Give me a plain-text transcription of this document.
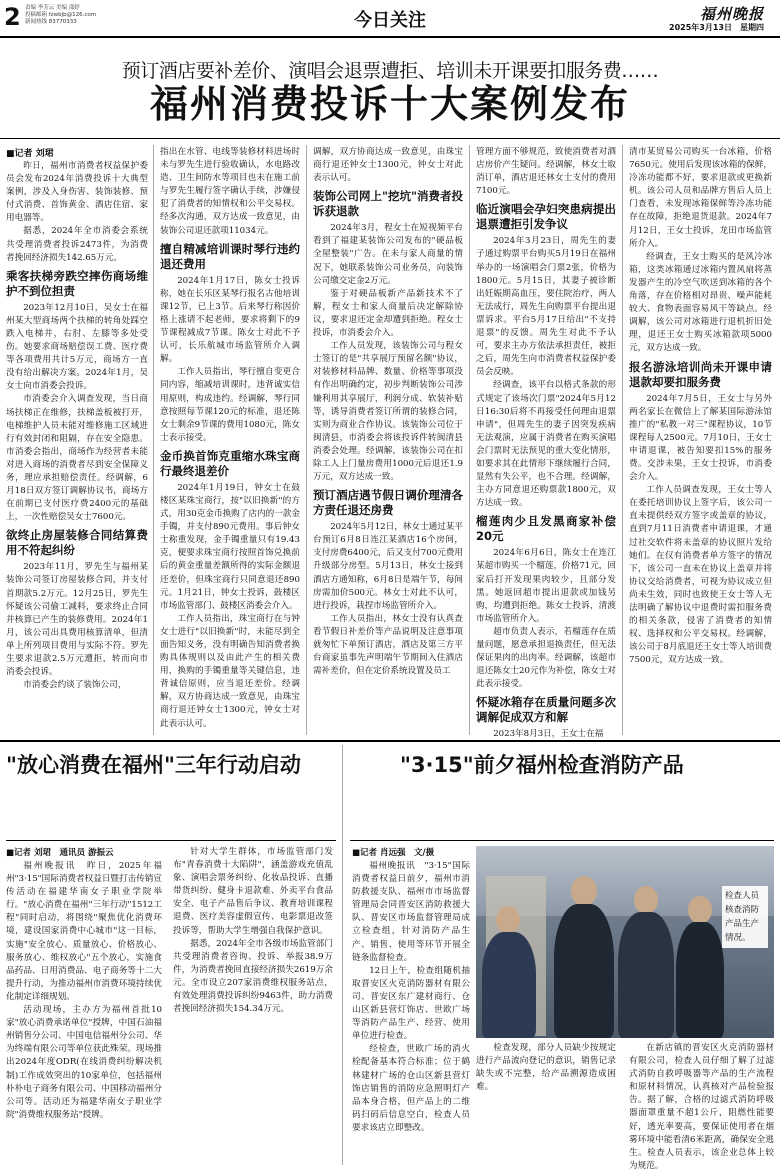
2 责编 李芳云 美编 邵婷
投稿邮箱 fzwbjb@126.com
新闻热线 83770333	今日关注	福州晚报
2025年3月13日　星期四
预订酒店要补差价、演唱会退票遭拒、培训未开课要扣服务费……
福州消费投诉十大案例发布
■记者 刘珺

昨日，福州市消费者权益保护委员会发布2024年消费投诉十大典型案例，涉及入身伤害、装饰装修、预付式消费、首饰黄金、酒店住宿、家用电器等。

据悉，2024年全市消委会系统共受理消费者投诉2473件，为消费者挽回经济损失142.65万元。

乘客扶梯旁跌空摔伤商场维护不到位担责

2023年12月10日，吴女士在福州某大型商场两个扶梯的转角处踩空跌入电梯井，右肘、左膝等多处受伤。她要求商场赔偿误工费、医疗费等各项费用共计5万元，商场方一直没有给出解决方案。2024年1月，吴女士向市消委会投诉。

市消委会介入调查发现，当日商场扶梯正在维修，扶梯盖板被打开，电梯维护人员未能对维修施工区域进行有效封闭和阻隔，存在安全隐患。市消委会指出，商场作为经营者未能对进入商场的消费者尽到安全保障义务，理应承担赔偿责任。经调解，6月18日双方签订调解协议书，商场方在前期已支付医疗费2400元的基础上，一次性赔偿吴女士7600元。

欲终止房屋装修合同结算费用不符起纠纷

2023年11月，罗先生与福州某装饰公司签订房屋装修合同，并支付首期款5.2万元。12月25日，罗先生怀疑该公司偷工减料，要求终止合同并核算已产生的装修费用。2024年1月，该公司出具费用核算清单，但清单上所列项目费用与实际不符。罗先生要求退款2.5万元遭拒，转而向市消委会投诉。

市消委会约谈了装饰公司，

指出在水管、电线等装修材料进场时未与罗先生进行验收确认，水电路改造、卫生间防水等项目也未在施工前与罗先生履行签字确认手续，涉嫌侵犯了消费者的知情权和公平交易权。经多次沟通，双方达成一致意见，由装饰公司退还款项11034元。

擅自精减培训课时琴行违约退还费用

2024年1月17日，陈女士投诉称，她在长乐区某琴行报名古他培训课12节，已上3节。后来琴行称因价格上涨请不起老师，要求将剩下的9节课程减成7节课。陈女士对此不予认可，长乐航城市场监管所介入调解。

工作人员指出，琴行擅自变更合同内容，缩减培训课时，违背诚实信用原则，构成违约。经调解，琴行同意按照每节课120元的标准，退还陈女士剩余9节课的费用1080元，陈女士表示接受。

金币换首饰克重缩水珠宝商行最终退差价

2024年1月19日，钟女士在鼓楼区某珠宝商行，按"以旧换新"的方式，用30克金币换购了店内的一款金手镯，并支付890元费用。事后钟女士称重发现，金手镯重量只有19.43克，便要求珠宝商行按照首饰兑换前后的黄金重量差额所得的实际金额退还差价，但珠宝商行只同意退还890元。1月21日，钟女士投诉，鼓楼区市场监管部门、鼓楼区消委会介入。

工作人员指出，珠宝商行在与钟女士进行"以旧换新"时，未能尽到全面告知义务，没有明确告知消费者换购具体规则以及由此产生的相关费用，换购的手镯重量等关键信息，违背诚信原则，应当退还差价。经调解，双方协商达成一致意见，由珠宝商行退还钟女士1300元，钟女士对此表示认可。

调解，双方协商达成一致意见，由珠宝商行退还钟女士1300元，钟女士对此表示认可。

装饰公司网上"挖坑"消费者投诉获退款

2024年3月，程女士在短视频平台看到了福建某装饰公司发布的"硬品板全屋整装"广告。在未与家人商量的情况下，她联系装饰公司业务员，向装饰公司缴交定金2万元。

鉴于对硬品板新产品新技术不了解，程女士和家人商量后决定解除协议，要求退还定金却遭到拒绝。程女士投诉，市消委会介入。

工作人员发现，该装饰公司与程女士签订的是"共享展厅预留名额"协议，对装修材料品牌、数量、价格等事项没有作出明确约定，初步判断装饰公司涉嫌利用其享展厅，利润分成、软装补贴等，诱导消费者签订所谓的装修合同，实则为商业合作协议。该装饰公司位于闽清县，市消委会将该投诉件转闽清县消委会处理。经调解，该装饰公司在扣除工人上门量房费用1000元后退还1.9万元，双方达成一致。

预订酒店遇节假日调价理清各方责任退还房费

2024年5月12日，林女士通过某平台预订6月8日连江某酒店16个房间，支付房费6400元，后又支付700元费用升级部分房型。5月13日，林女士接到酒店方通知称，6月8日是端午节，每间房需加价500元。林女士对此不认可，进行投诉，栽捏市场监管所介入。

工作人员指出，林女士没有认真查看节假日补差价等产品说明及注意事项就匆忙下单预订酒店，酒店及第三方平台商家虽事先声明端午节期间入住酒店需补差价，但在定价系统设置及员工

管理方面不够规范，致使消费者对酒店房价产生疑问。经调解，林女士取消订单，酒店退还林女士支付的费用7100元。

临近演唱会孕妇突患病提出退票遭拒引发争议

2024年3月23日，周先生的妻子通过购票平台购买5月19日在福州举办的一场演唱会门票2张，价格为1800元。5月15日，其妻子被诊断出妊娠期高血压，要住院治疗，两人无法成行，周先生向购票平台提出退票诉求。平台5月17日给出"不支持退票"的反馈。周先生对此不予认可，要求主办方依法承担责任，被拒之后，周先生向市消费者权益保护委员会反映。

经调查，该平台以格式条款的形式规定了该场次门票"2024年5月12日16:30后将不再接受任何理由退票申请"，但周先生的妻子因突发疾病无法观演，应属于消费者在购买演唱会门票时无法预见的重大变化情形，如要求其在此情形下继续履行合同，显然有失公平，也不合理。经调解，主办方同意退还购票款1800元，双方达成一致。

榴莲肉少且发黑商家补偿20元

2024年6月6日，陈女士在连江某超市购买一个榴莲，价格71元，回家后打开发现果肉较少，且部分发黑。她返回超市提出退款或加钱另购，均遭到拒绝。陈女士投诉，清渡市场监管所介入。

超市负责人表示，若榴莲存在质量问题，愿意承担退换责任，但无法保证果肉的出肉率。经调解，该超市退还陈女士20元作为补偿，陈女士对此表示接受。

怀疑冰箱存在质量问题多次调解促成双方和解

2023年8月3日，王女士在福

清市某贸易公司购买一台冰箱，价格7650元。使用后发现该冰箱的保鲜，冷冻功能都不好，要求退款或更换新机。该公司人员和品牌方售后人员上门查看，未发现冰箱保鲜等冷冻功能存在故障，拒绝退货退款。2024年7月12日，王女士投诉，龙田市场监管所介入。

经调查，王女士购买的是风冷冰箱，这类冰箱通过冰箱内置风扇将蒸发器产生的冷空气吹送到冰箱的各个角落，存在价格相对昂贵、噪声能耗较大、食物表面容易风干等缺点。经调解，该公司对冰箱进行退机折旧处理，退还王女士购买冰箱款项5000元，双方达成一致。

报名游泳培训尚未开课申请退款却要扣服务费

2024年7月5日，王女士与另外两名家长在微信上了解某国际游泳馆推广的"私教一对三"课程协议，10节课程每人2500元。7月10日，王女士申请退课，被告知要扣15%的服务费。交涉未果，王女士投诉，市消委会介入。

工作人员调查发现，王女士等人在委托培训协议上签字后，该公司一直未提供经双方签字或盖章的协议，直到7月11日消费者申请退课，才通过社交软件将未盖章的协议照片发给她们。在仅有消费者单方签字的情况下，该公司一直未在协议上盖章并将协议交给消费者，可视为协议成立但尚未生效，同时也致使王女士等人无法明确了解协议中退费时需扣服务费的相关条款，侵害了消费者的知情权、选择权和公平交易权。经调解，该公司于8月底退还王女士等人培训费7500元，双方达成一致。

"放心消费在福州"三年行动启动
■记者 刘珺　通讯员 游振云

福州晚报讯　昨日，2025年福州"3·15"国际消费者权益日暨打击传销宣传活动在福建华南女子职业学院举行。"放心消费在福州"三年行动"1512工程"同时启动，将围绕"聚焦优化消费环境，建设国家消费中心城市"这一目标，实施"安全放心、质量放心、价格放心、服务放心、维权放心"五个放心，实施食品药品、日用消费品、电子商务等十二大提升行动，为推动福州市消费环境持续优化制定详细规划。

活动现场，主办方为福州首批10家"放心消费承诺单位"授牌，中国石油福州销售分公司、中国电信福州分公司、华为终端有限公司等单位获此殊荣。现场推出2024年度ODR(在线消费纠纷解决机制)工作成效突出的10家单位，包括福州朴朴电子商务有限公司、中国移动福州分公司等。活动还为福建华南女子职业学院"消费维权服务站"授牌。

针对大学生群体，市场监管部门发布"青春消费十大陷阱"，涵盖游戏充值乱象、演唱会票务纠纷、化妆品投诉、直播带货纠纷、健身卡退款难、外卖平台食品安全、电子产品售后争议、教育培训课程退费、医疗美容虚假宣传、电影票退改签投诉等，帮助大学生增强自我保护意识。

据悉，2024年全市各级市场监管部门共受理消费者咨询、投诉、举报38.9万件，为消费者挽回直接经济损失2619万余元。全市设立207家消费维权服务站点，有效处理消费投诉纠纷9463件，助力消费者挽回经济损失154.34万元。

"3·15"前夕福州检查消防产品
■记者 肖远强　文/摄

福州晚报讯　"3·15"国际消费者权益日前夕，福州市消防救援支队、福州市市场监督管理局会同晋安区消防救援大队、晋安区市场监督管理局成立检查组，针对消防产品生产、销售、使用等环节开展全链条监督检查。

12日上午，检查组随机抽取晋安区火克消防器材有限公司、晋安区东广建材商行、仓山区新县营灯饰店、世欧广场等消防产品生产、经营、使用单位进行检查。

经检查，世欧广场的消火栓配备基本符合标准；位于鹤林建材广场的仓山区新县营灯饰店销售的消防应急照明灯产品本身合格，但产品上的二维码扫码后信息空白，检查人员要求该店立即整改。

检查人员核查消防产品生产情况。

检查发现，部分人员缺少按规定进行产品流向登记的意识，销售记录缺失或不完整，给产品溯源造成困难。

在新店镇的晋安区火克消防器材有限公司，检查人员仔细了解了过滤式消防自救呼吸器等产品的生产流程和原材料情况，认真核对产品检验报告。据了解，合格的过滤式消防呼吸器面罩重量不超1公斤，阻燃性能要好，透光率要高，要保证使用者在烟雾环境中能看清6米距离，确保安全逃生。检查人员表示，该企业总体上较为规范。
